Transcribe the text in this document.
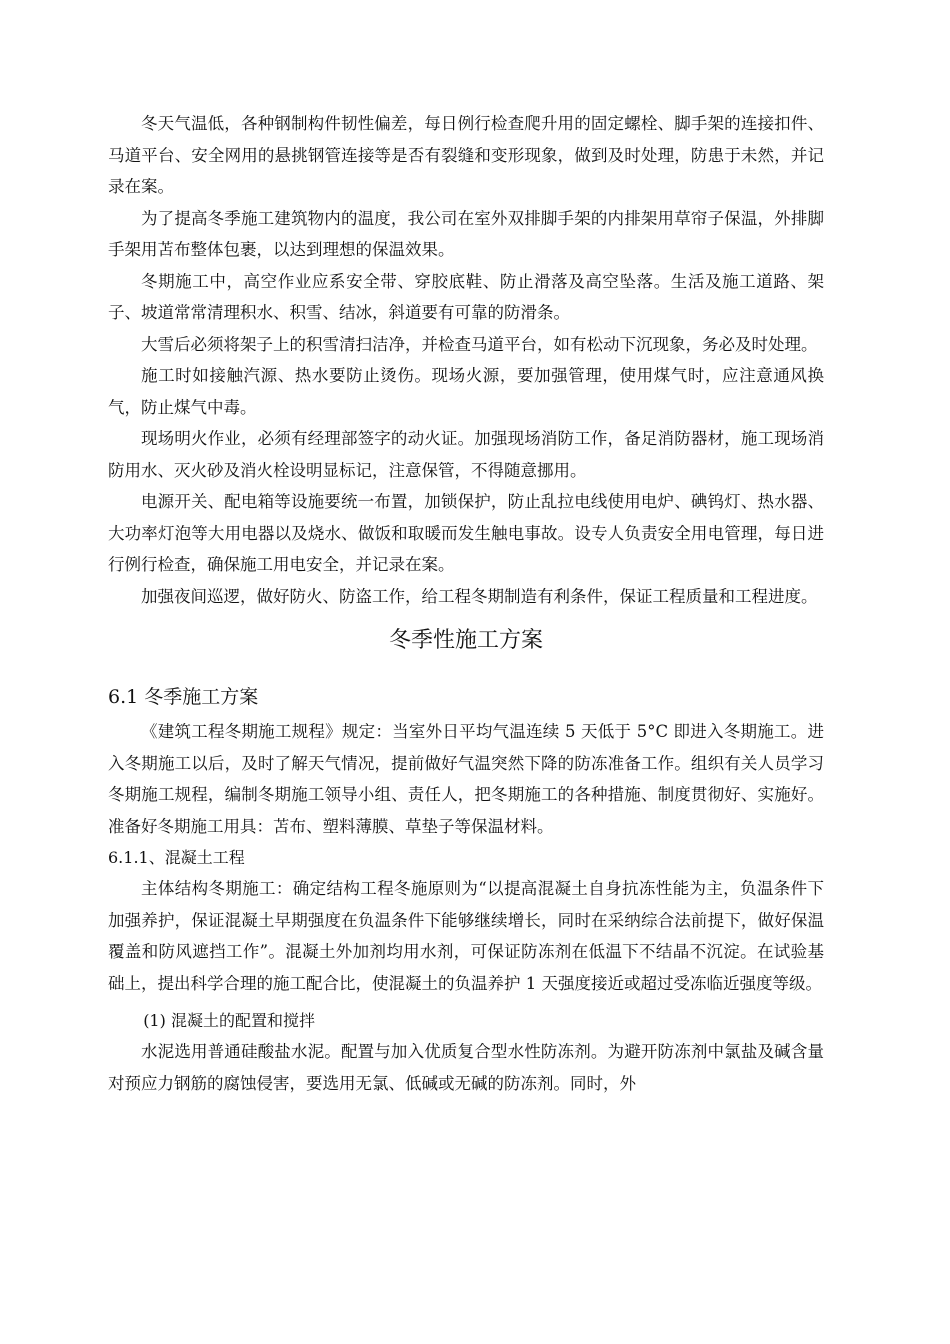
冬天气温低，各种钢制构件韧性偏差，每日例行检查爬升用的固定螺栓、脚手架的连接扣件、马道平台、安全网用的悬挑钢管连接等是否有裂缝和变形现象，做到及时处理，防患于未然，并记录在案。

为了提高冬季施工建筑物内的温度，我公司在室外双排脚手架的内排架用草帘子保温，外排脚手架用苫布整体包裹，以达到理想的保温效果。

冬期施工中，高空作业应系安全带、穿胶底鞋、防止滑落及高空坠落。生活及施工道路、架子、坡道常常清理积水、积雪、结冰，斜道要有可靠的防滑条。

大雪后必须将架子上的积雪清扫洁净，并检查马道平台，如有松动下沉现象，务必及时处理。

施工时如接触汽源、热水要防止烫伤。现场火源，要加强管理，使用煤气时，应注意通风换气，防止煤气中毒。

现场明火作业，必须有经理部签字的动火证。加强现场消防工作，备足消防器材，施工现场消防用水、灭火砂及消火栓设明显标记，注意保管，不得随意挪用。

电源开关、配电箱等设施要统一布置，加锁保护，防止乱拉电线使用电炉、碘钨灯、热水器、大功率灯泡等大用电器以及烧水、做饭和取暖而发生触电事故。设专人负责安全用电管理，每日进行例行检查，确保施工用电安全，并记录在案。

加强夜间巡逻，做好防火、防盗工作，给工程冬期制造有利条件，保证工程质量和工程进度。

冬季性施工方案
6.1 冬季施工方案

《建筑工程冬期施工规程》规定：当室外日平均气温连续 5 天低于 5°C 即进入冬期施工。进入冬期施工以后，及时了解天气情况，提前做好气温突然下降的防冻准备工作。组织有关人员学习冬期施工规程，编制冬期施工领导小组、责任人，把冬期施工的各种措施、制度贯彻好、实施好。准备好冬期施工用具：苫布、塑料薄膜、草垫子等保温材料。

6.1.1、混凝土工程

主体结构冬期施工：确定结构工程冬施原则为“以提高混凝土自身抗冻性能为主，负温条件下加强养护，保证混凝土早期强度在负温条件下能够继续增长，同时在采纳综合法前提下，做好保温覆盖和防风遮挡工作”。混凝土外加剂均用水剂，可保证防冻剂在低温下不结晶不沉淀。在试验基础上，提出科学合理的施工配合比，使混凝土的负温养护 1 天强度接近或超过受冻临近强度等级。

(1) 混凝土的配置和搅拌

水泥选用普通硅酸盐水泥。配置与加入优质复合型水性防冻剂。为避开防冻剂中氯盐及碱含量对预应力钢筋的腐蚀侵害，要选用无氯、低碱或无碱的防冻剂。同时，外
